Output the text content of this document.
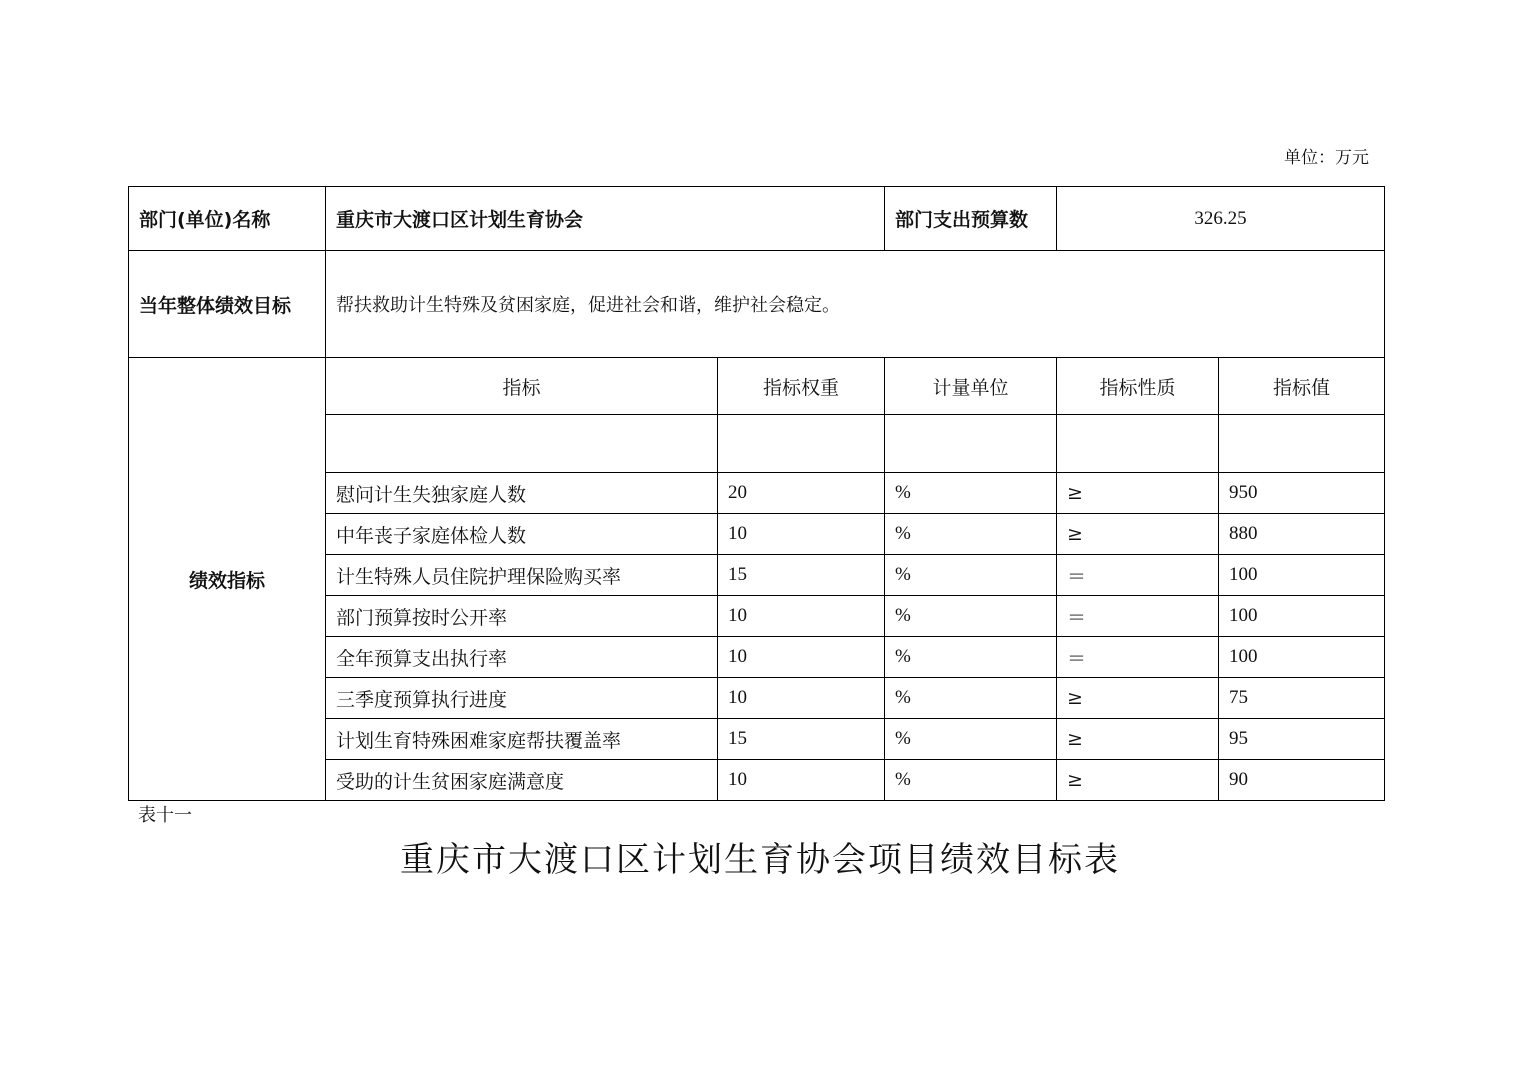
单位：万元
部门(单位)名称	重庆市大渡口区计划生育协会		部门支出预算数	326.25	
当年整体绩效目标	帮扶救助计生特殊及贫困家庭，促进社会和谐，维护社会稳定。				
绩效指标	指标	指标权重	计量单位	指标性质	指标值

	慰问计生失独家庭人数	20	%	≥	950
	中年丧子家庭体检人数	10	%	≥	880
	计生特殊人员住院护理保险购买率	15	%	＝	100
	部门预算按时公开率	10	%	＝	100
	全年预算支出执行率	10	%	＝	100
	三季度预算执行进度	10	%	≥	75
	计划生育特殊困难家庭帮扶覆盖率	15	%	≥	95
	受助的计生贫困家庭满意度	10	%	≥	90
表十一
重庆市大渡口区计划生育协会项目绩效目标表
